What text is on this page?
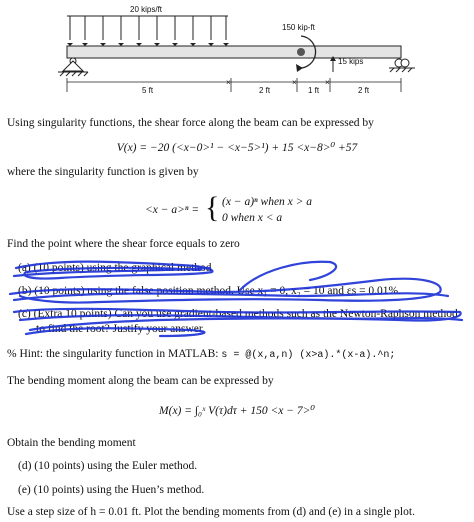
×	×	×
20 kips/ft
150 kip-ft
15 kips
5 ft	2 ft	1 ft	2 ft
Using singularity functions, the shear force along the beam can be expressed by
V(x) = −20 (<x−0>¹ − <x−5>¹) + 15 <x−8>⁰ +57
where the singularity function is given by
<x − a>ⁿ = { (x − a)ⁿ when x > a
0 when x < a
Find the point where the shear force equals to zero
(a) (10 points) using the graphical method
(b) (10 points) using the false position method. Use x₁ = 0, x₂ = 10 and εs = 0.01%.
(c) (Extra 10 points) Can you use gradient-based methods such as the Newton-Raphson method
to find the root? Justify your answer.
% Hint: the singularity function in MATLAB: s = @(x,a,n) (x>a).*(x-a).^n;
The bending moment along the beam can be expressed by
M(x) = ∫₀ˣ V(τ)dτ + 150 <x − 7>⁰
Obtain the bending moment
(d) (10 points) using the Euler method.
(e) (10 points) using the Huen’s method.
Use a step size of h = 0.01 ft. Plot the bending moments from (d) and (e) in a single plot.
